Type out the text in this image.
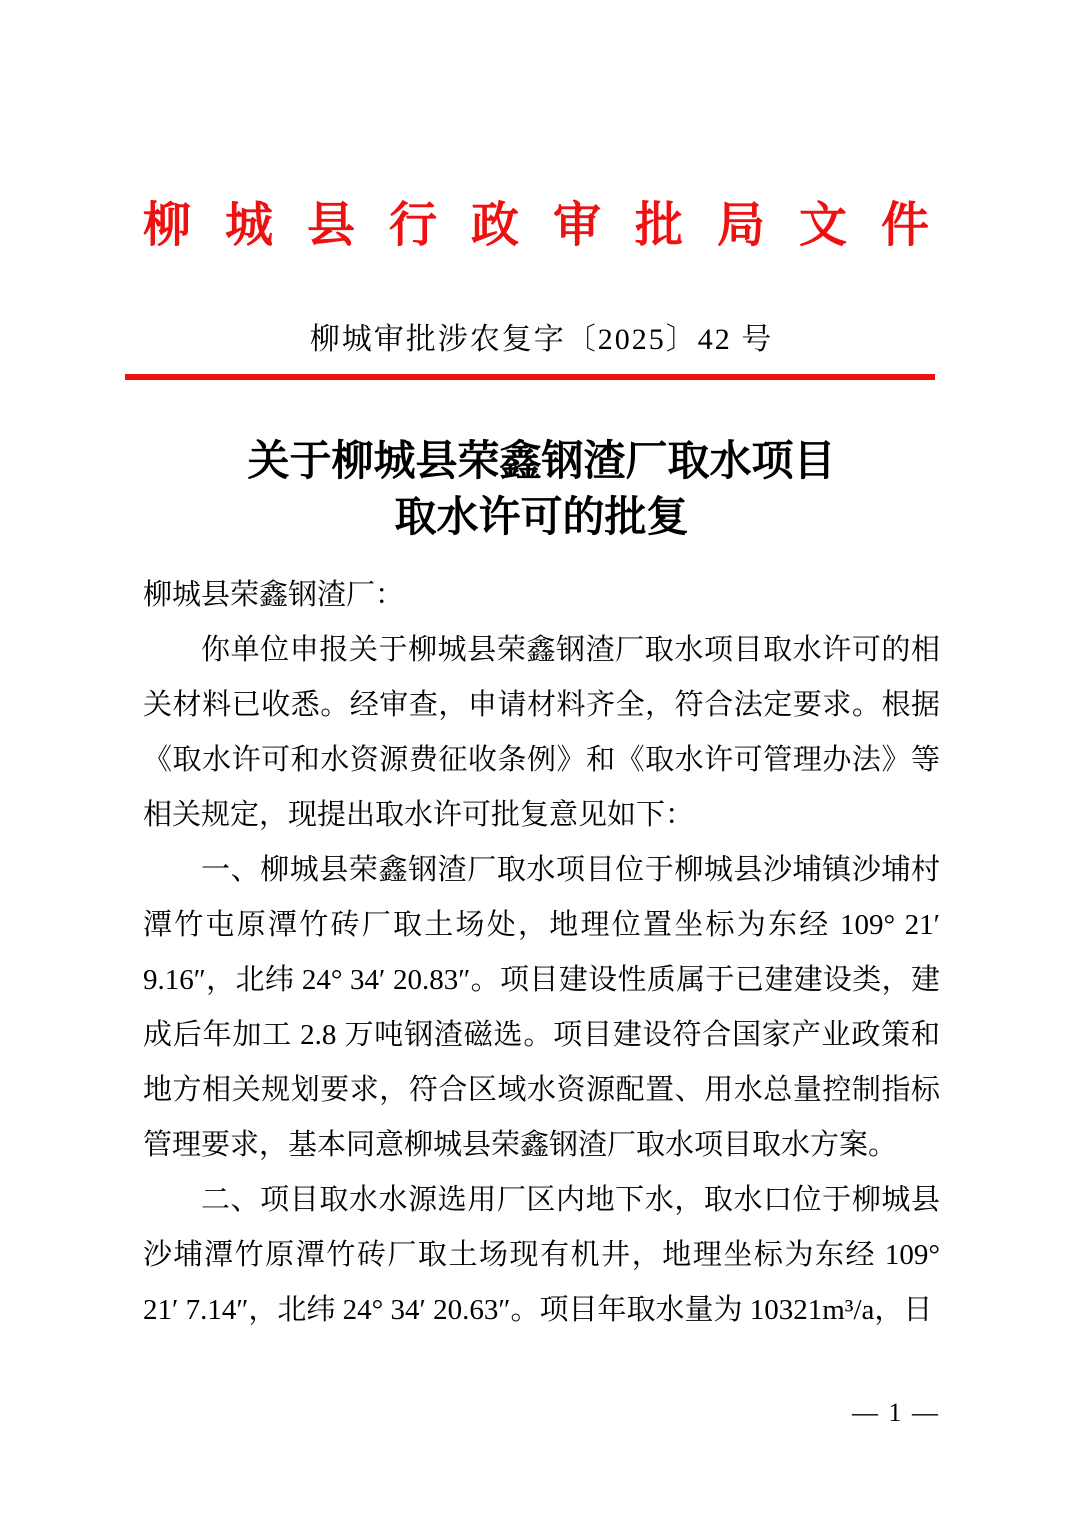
柳 城 县 行 政 审 批 局 文 件
柳城审批涉农复字〔2025〕42 号
关于柳城县荣鑫钢渣厂取水项目
取水许可的批复

柳城县荣鑫钢渣厂：

你单位申报关于柳城县荣鑫钢渣厂取水项目取水许可的相关材料已收悉。经审查，申请材料齐全，符合法定要求。根据《取水许可和水资源费征收条例》和《取水许可管理办法》等相关规定，现提出取水许可批复意见如下：

一、柳城县荣鑫钢渣厂取水项目位于柳城县沙埔镇沙埔村潭竹屯原潭竹砖厂取土场处，地理位置坐标为东经 109° 21′ 9.16″，北纬 24° 34′ 20.83″。项目建设性质属于已建建设类，建成后年加工 2.8 万吨钢渣磁选。项目建设符合国家产业政策和地方相关规划要求，符合区域水资源配置、用水总量控制指标管理要求，基本同意柳城县荣鑫钢渣厂取水项目取水方案。

二、项目取水水源选用厂区内地下水，取水口位于柳城县沙埔潭竹原潭竹砖厂取土场现有机井，地理坐标为东经 109° 21′ 7.14″，北纬 24° 34′ 20.63″。项目年取水量为 10321m³/a，日

— 1 —
